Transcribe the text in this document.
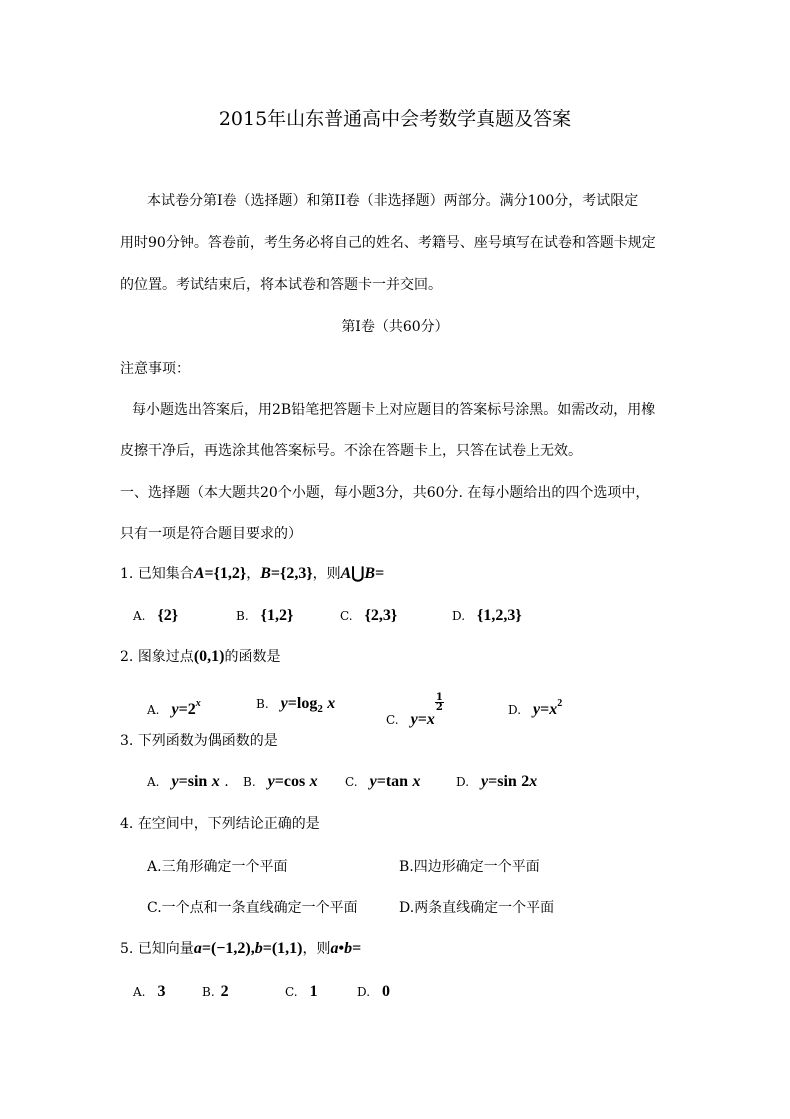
2015年山东普通高中会考数学真题及答案
本试卷分第I卷（选择题）和第II卷（非选择题）两部分。满分100分，考试限定
用时90分钟。答卷前，考生务必将自己的姓名、考籍号、座号填写在试卷和答题卡规定
的位置。考试结束后，将本试卷和答题卡一并交回。
第I卷（共60分）
注意事项：
每小题选出答案后，用2B铅笔把答题卡上对应题目的答案标号涂黑。如需改动，用橡
皮擦干净后，再选涂其他答案标号。不涂在答题卡上，只答在试卷上无效。
一、选择题（本大题共20个小题，每小题3分，共60分. 在每小题给出的四个选项中，
只有一项是符合题目要求的）
1. 已知集合A={1,2}，B={2,3}，则A⋃B=
A. {2}	B. {1,2}	C. {2,3}	D. {1,2,3}
2. 图象过点(0,1)的函数是
A. $y=2^x$	B. $y=\log_2$ x
C. y=x
$\frac{1}{2}$	D. $y=x^2$
3. 下列函数为偶函数的是
A. y=sin x . B. y=cos x C. y=tan x	D. y=sin 2x
4. 在空间中，下列结论正确的是
A.三角形确定一个平面	B.四边形确定一个平面
C.一个点和一条直线确定一个平面	D.两条直线确定一个平面
5. 已知向量a=(−1,2),b=(1,1)，则a•b=
A. 3	B. 2	C. 1	D. 0
